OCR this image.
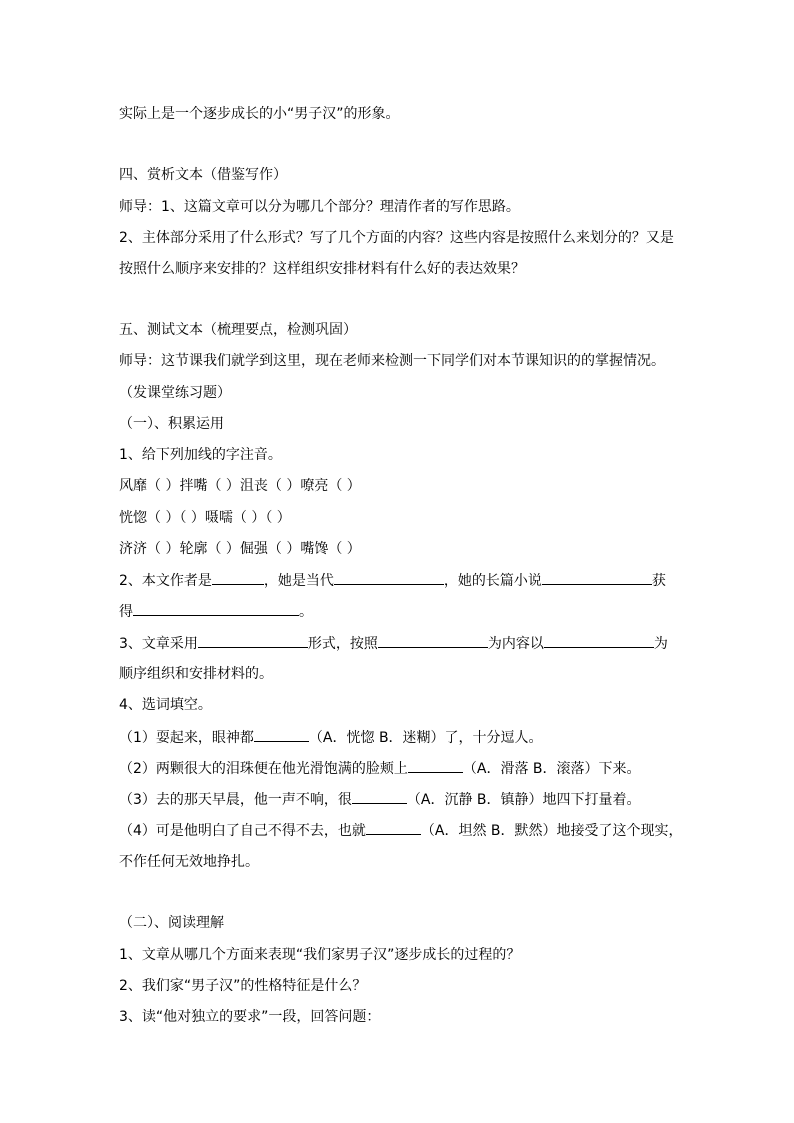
实际上是一个逐步成长的小“男子汉”的形象。
四、赏析文本（借鉴写作）
师导：1、这篇文章可以分为哪几个部分？理清作者的写作思路。
2、主体部分采用了什么形式？写了几个方面的内容？这些内容是按照什么来划分的？又是
按照什么顺序来安排的？这样组织安排材料有什么好的表达效果？
五、测试文本（梳理要点，检测巩固）
师导：这节课我们就学到这里，现在老师来检测一下同学们对本节课知识的的掌握情况。
（发课堂练习题）
（一）、积累运用
1、给下列加线的字注音。
风靡（ ）拌嘴（ ）沮丧（ ）嘹亮（ ）
恍惚（ ）（ ）嗫嚅（ ）（ ）
济济（ ）轮廓（ ）倔强（ ）嘴馋（ ）
2、本文作者是	，她是当代	，她的长篇小说	获
得	。
3、文章采用	形式，按照	为内容以	为
顺序组织和安排材料的。
4、选词填空。
（1）耍起来，眼神都	（A．恍惚 B．迷糊）了，十分逗人。
（2）两颗很大的泪珠便在他光滑饱满的脸颊上	（A．滑落 B．滚落）下来。
（3）去的那天早晨，他一声不响，很	（A．沉静 B．镇静）地四下打量着。
（4）可是他明白了自己不得不去，也就	（A．坦然 B．默然）地接受了这个现实，
不作任何无效地挣扎。
（二）、阅读理解
1、文章从哪几个方面来表现“我们家男子汉”逐步成长的过程的？
2、我们家“男子汉”的性格特征是什么？
3、读“他对独立的要求”一段，回答问题：
